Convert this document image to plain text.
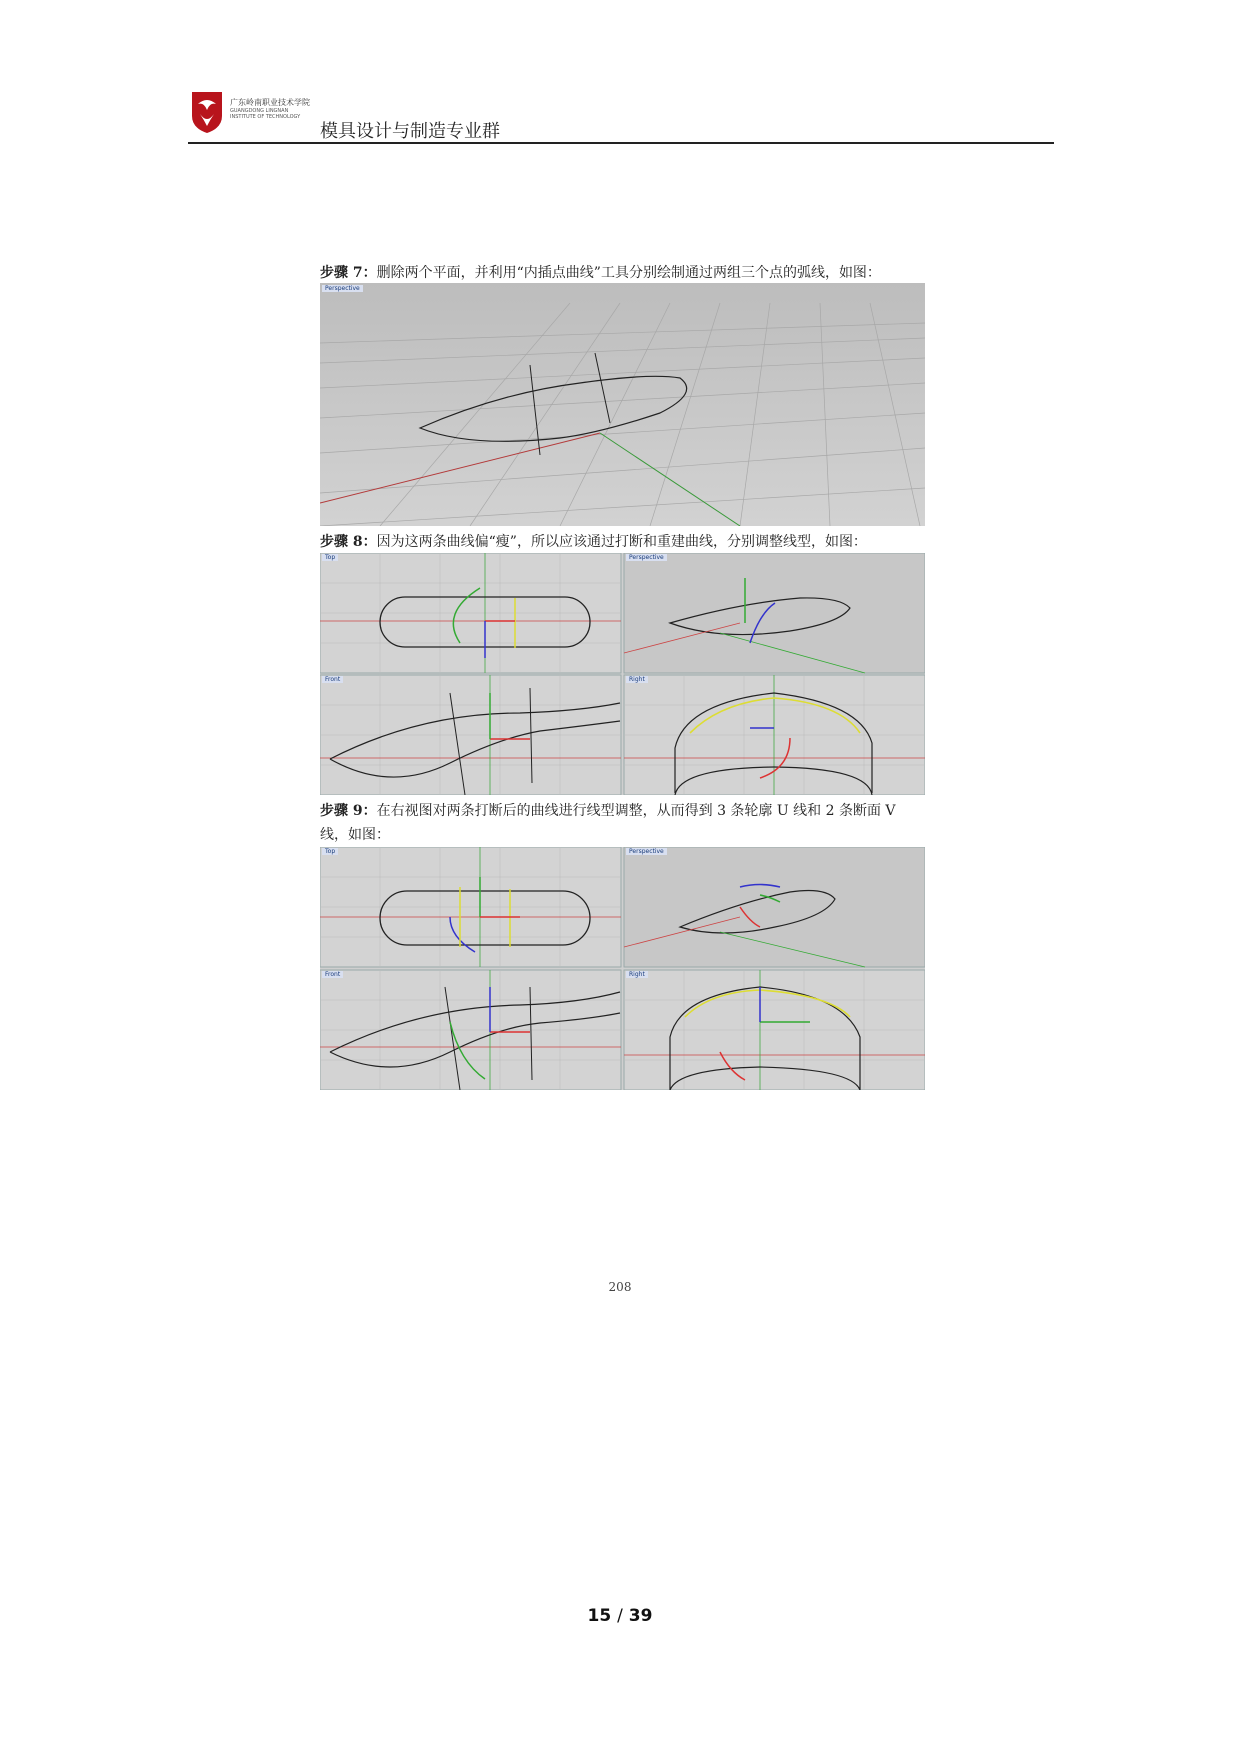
广东岭南职业技术学院
GUANGDONG LINGNAN
INSTITUTE OF TECHNOLOGY
模具设计与制造专业群
步骤 7：删除两个平面，并利用“内插点曲线”工具分别绘制通过两组三个点的弧线，如图：
Perspective
步骤 8：因为这两条曲线偏“瘦”，所以应该通过打断和重建曲线，分别调整线型，如图：
Top	Perspective
Front	Right
步骤 9：在右视图对两条打断后的曲线进行线型调整，从而得到 3 条轮廓 U 线和 2 条断面 V
线，如图：
Top	Perspective
Front	Right
208
15 / 39
